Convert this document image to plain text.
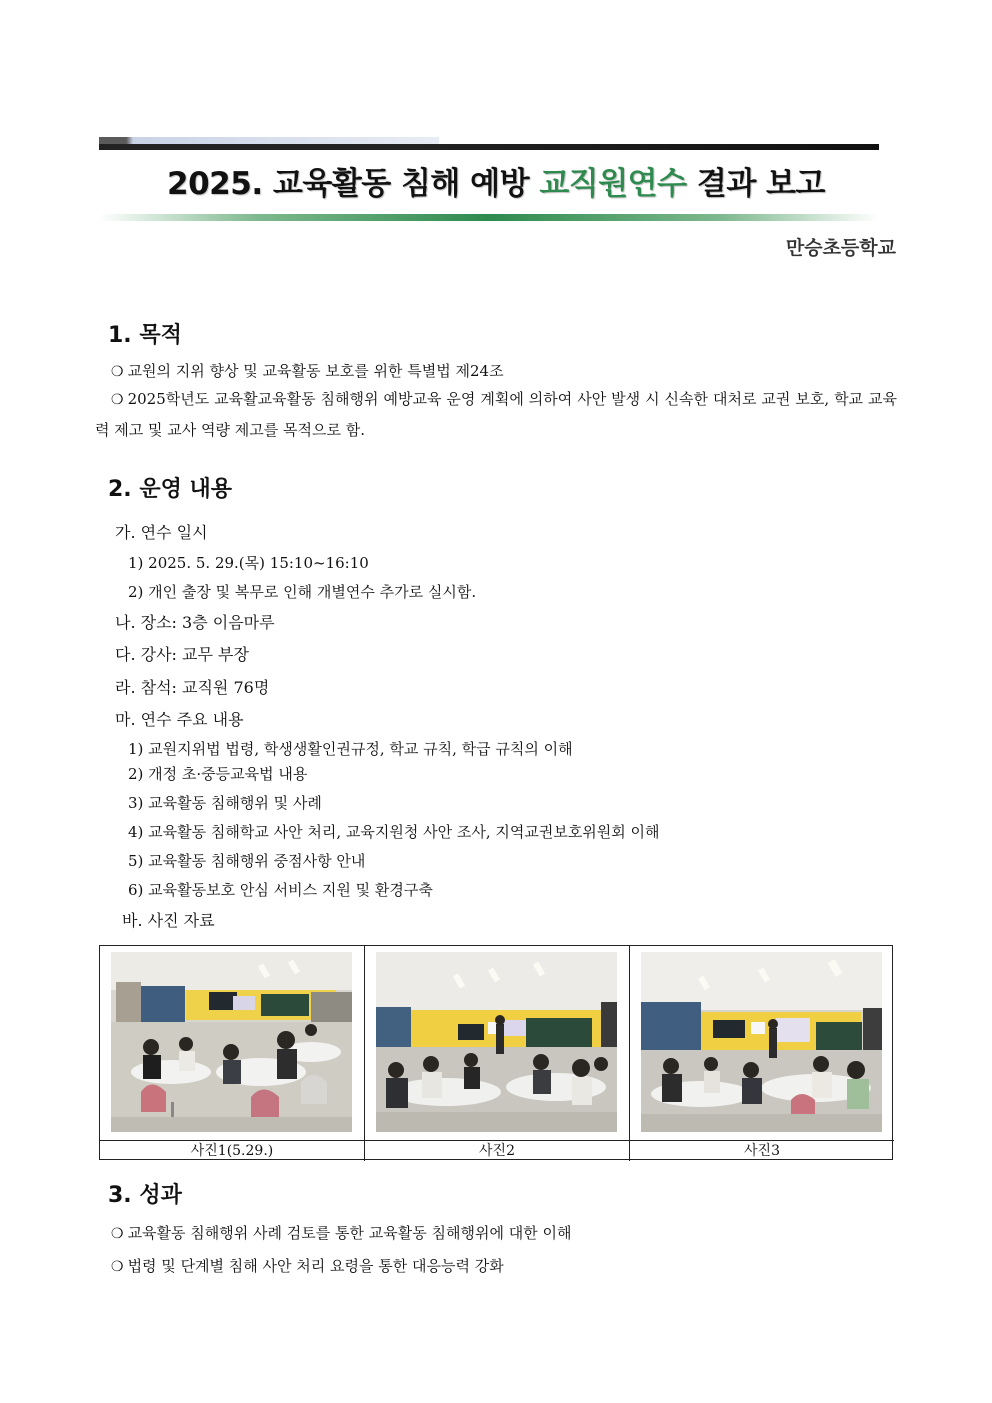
2025. 교육활동 침해 예방 교직원연수 결과 보고
만승초등학교
1. 목적
❍ 교원의 지위 향상 및 교육활동 보호를 위한 특별법 제24조
❍ 2025학년도 교육활교육활동 침해행위 예방교육 운영 계획에 의하여 사안 발생 시 신속한 대처로 교권 보호, 학교 교육력 제고 및 교사 역량 제고를 목적으로 함.
2. 운영 내용
가. 연수 일시
1) 2025. 5. 29.(목) 15:10~16:10
2) 개인 출장 및 복무로 인해 개별연수 추가로 실시함.
나. 장소: 3층 이음마루
다. 강사: 교무 부장
라. 참석: 교직원 76명
마. 연수 주요 내용
1) 교원지위법 법령, 학생생활인권규정, 학교 규칙, 학급 규칙의 이해
2) 개정 초·중등교육법 내용
3) 교육활동 침해행위 및 사례
4) 교육활동 침해학교 사안 처리, 교육지원청 사안 조사, 지역교권보호위원회 이해
5) 교육활동 침해행위 중점사항 안내
6) 교육활동보호 안심 서비스 지원 및 환경구축
바. 사진 자료
사진1(5.29.)	사진2	사진3
3. 성과
❍ 교육활동 침해행위 사례 검토를 통한 교육활동 침해행위에 대한 이해
❍ 법령 및 단계별 침해 사안 처리 요령을 통한 대응능력 강화
